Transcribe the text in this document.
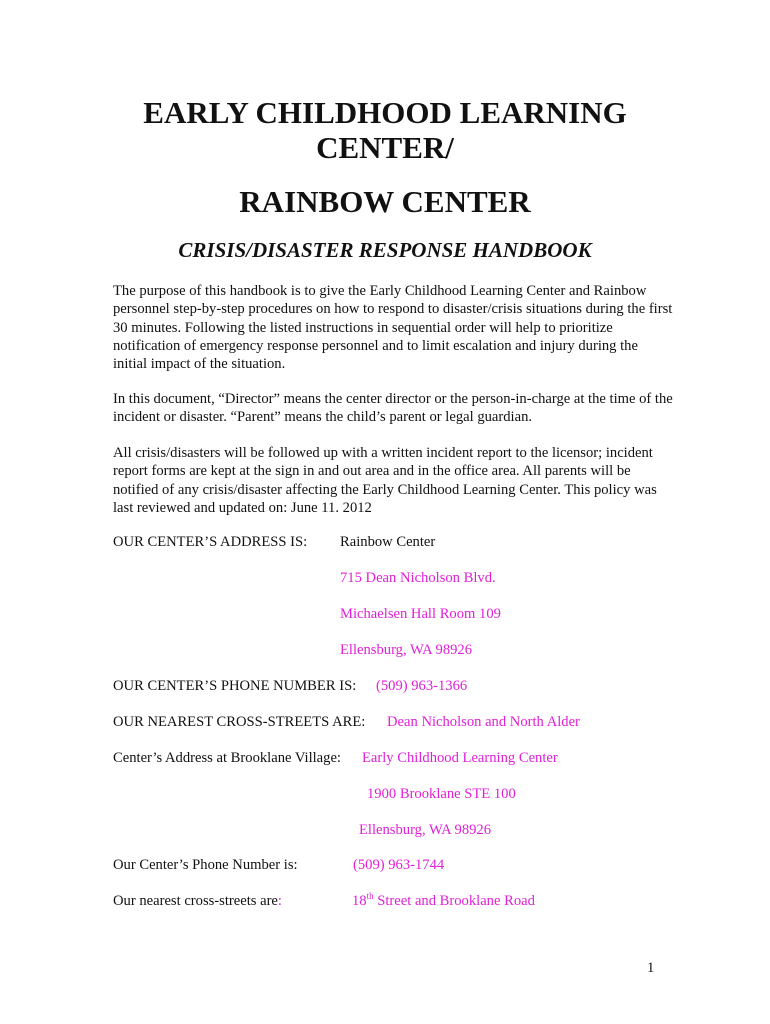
EARLY CHILDHOOD LEARNING
CENTER/
RAINBOW CENTER
CRISIS/DISASTER RESPONSE HANDBOOK

The purpose of this handbook is to give the Early Childhood Learning Center and Rainbow personnel step-by-step procedures on how to respond to disaster/crisis situations during the first 30 minutes. Following the listed instructions in sequential order will help to prioritize notification of emergency response personnel and to limit escalation and injury during the initial impact of the situation.

In this document, “Director” means the center director or the person-in-charge at the time of the incident or disaster. “Parent” means the child’s parent or legal guardian.

All crisis/disasters will be followed up with a written incident report to the licensor; incident report forms are kept at the sign in and out area and in the office area. All parents will be notified of any crisis/disaster affecting the Early Childhood Learning Center. This policy was last reviewed and updated on: June 11. 2012

OUR CENTER’S ADDRESS IS: Rainbow Center
715 Dean Nicholson Blvd.
Michaelsen Hall Room 109
Ellensburg, WA 98926
OUR CENTER’S PHONE NUMBER IS: (509) 963-1366
OUR NEAREST CROSS-STREETS ARE: Dean Nicholson and North Alder
Center’s Address at Brooklane Village: Early Childhood Learning Center
1900 Brooklane STE 100
Ellensburg, WA 98926
Our Center’s Phone Number is:	(509) 963-1744
Our nearest cross-streets are:	18th Street and Brooklane Road
1
